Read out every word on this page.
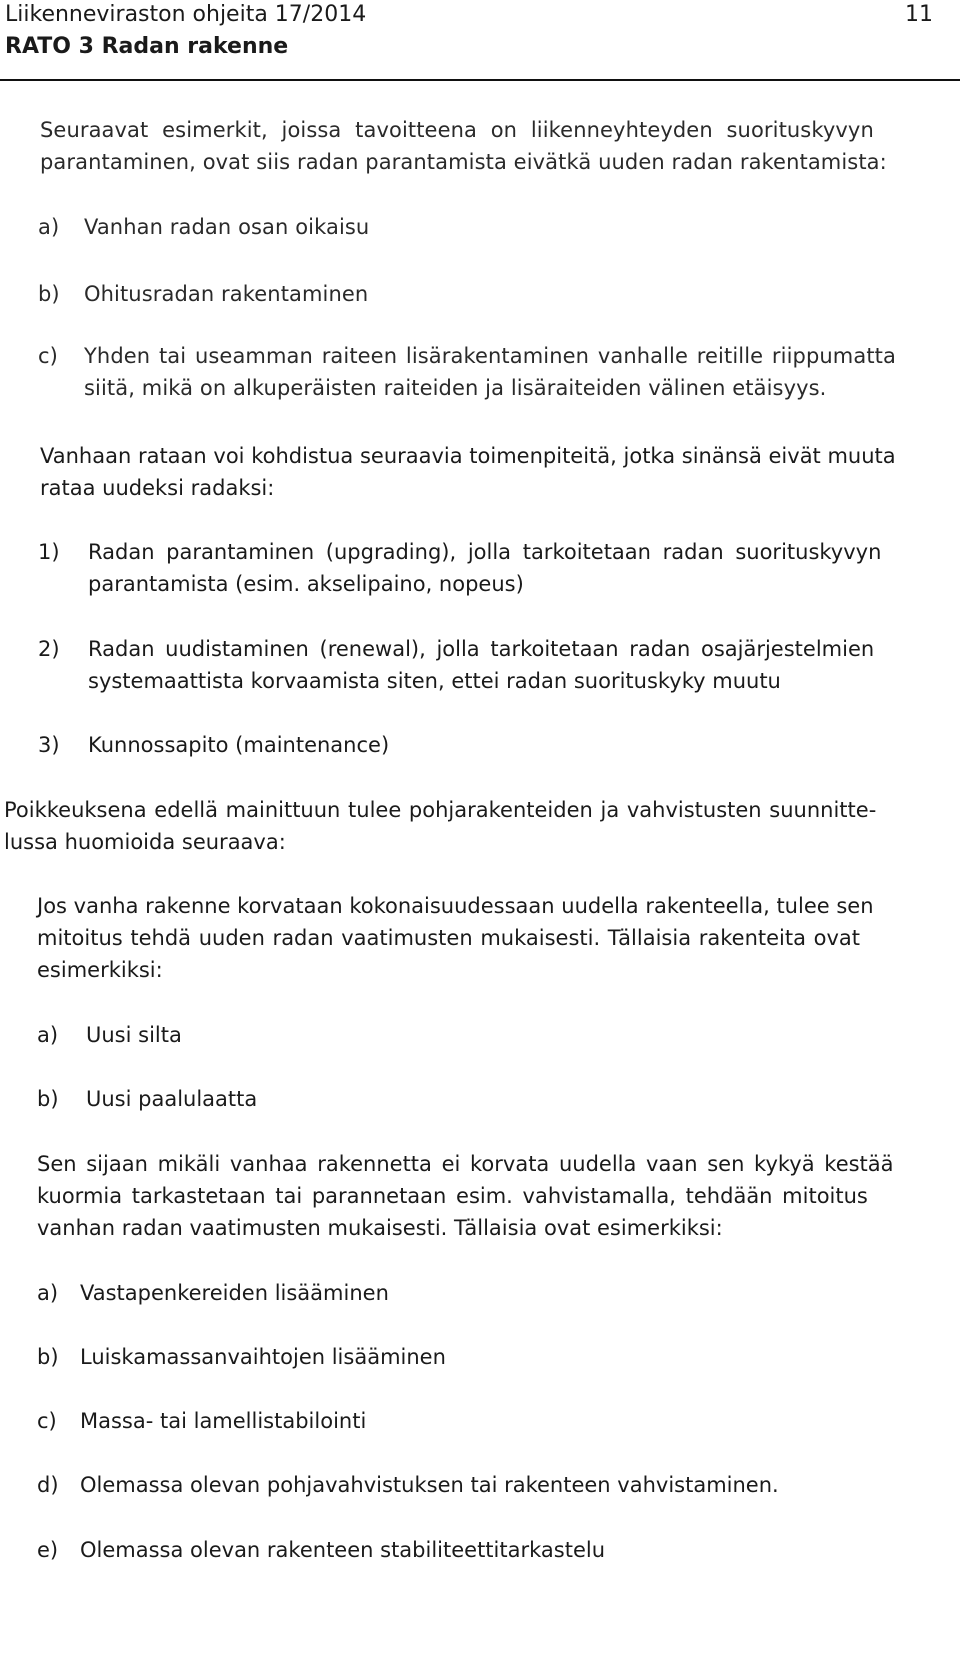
Liikenneviraston ohjeita 17/2014	11
RATO 3 Radan rakenne
Seuraavat esimerkit, joissa tavoitteena on liikenneyhteyden suorituskyvyn
parantaminen, ovat siis radan parantamista eivätkä uuden radan rakentamista:
a) Vanhan radan osan oikaisu
b) Ohitusradan rakentaminen
c) Yhden tai useamman raiteen lisärakentaminen vanhalle reitille riippumatta
siitä, mikä on alkuperäisten raiteiden ja lisäraiteiden välinen etäisyys.
Vanhaan rataan voi kohdistua seuraavia toimenpiteitä, jotka sinänsä eivät muuta
rataa uudeksi radaksi:
1) Radan parantaminen (upgrading), jolla tarkoitetaan radan suorituskyvyn
parantamista (esim. akselipaino, nopeus)
2) Radan uudistaminen (renewal), jolla tarkoitetaan radan osajärjestelmien
systemaattista korvaamista siten, ettei radan suorituskyky muutu
3) Kunnossapito (maintenance)
Poikkeuksena edellä mainittuun tulee pohjarakenteiden ja vahvistusten suunnitte-
lussa huomioida seuraava:
Jos vanha rakenne korvataan kokonaisuudessaan uudella rakenteella, tulee sen
mitoitus tehdä uuden radan vaatimusten mukaisesti. Tällaisia rakenteita ovat
esimerkiksi:
a) Uusi silta
b) Uusi paalulaatta
Sen sijaan mikäli vanhaa rakennetta ei korvata uudella vaan sen kykyä kestää
kuormia tarkastetaan tai parannetaan esim. vahvistamalla, tehdään mitoitus
vanhan radan vaatimusten mukaisesti. Tällaisia ovat esimerkiksi:
a) Vastapenkereiden lisääminen
b) Luiskamassanvaihtojen lisääminen
c) Massa- tai lamellistabilointi
d) Olemassa olevan pohjavahvistuksen tai rakenteen vahvistaminen.
e) Olemassa olevan rakenteen stabiliteettitarkastelu
